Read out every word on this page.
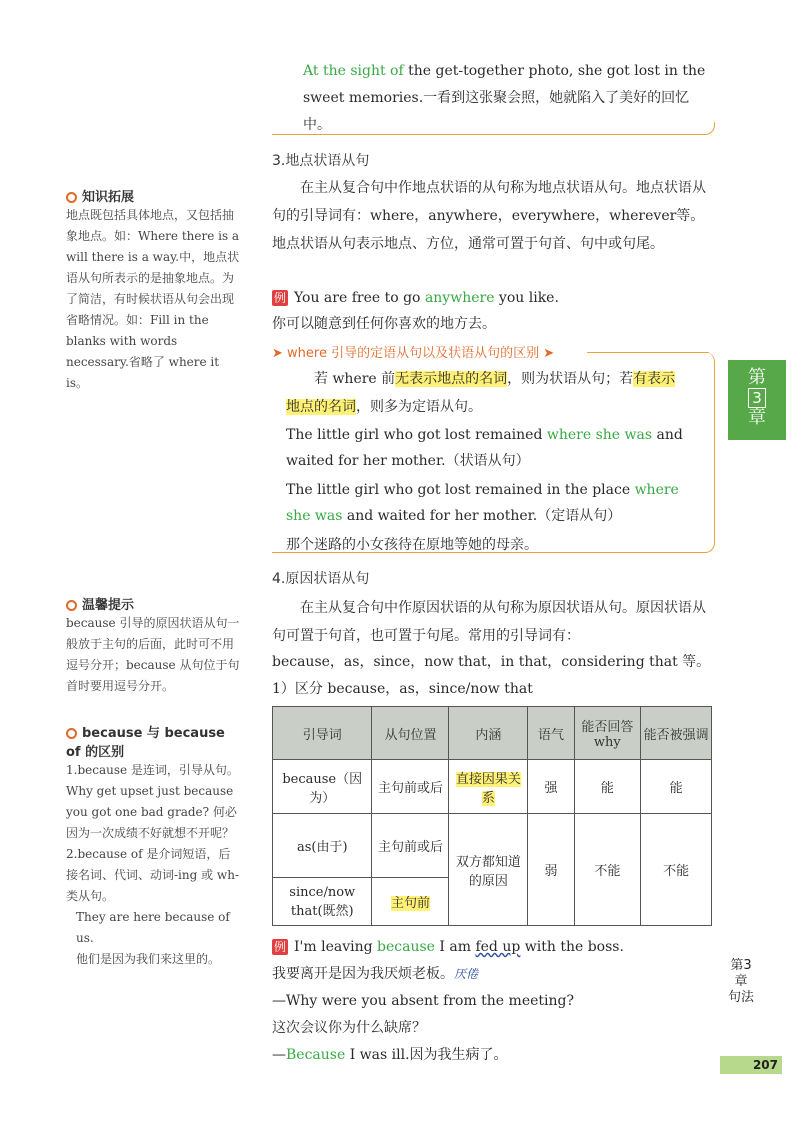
At the sight of the get-together photo, she got lost in the sweet memories.一看到这张聚会照，她就陷入了美好的回忆中。
3.地点状语从句
在主从复合句中作地点状语的从句称为地点状语从句。地点状语从句的引导词有：where，anywhere，everywhere，wherever等。地点状语从句表示地点、方位，通常可置于句首、句中或句尾。
例 You are free to go anywhere you like.
你可以随意到任何你喜欢的地方去。
➤ where 引导的定语从句以及状语从句的区别 ➤
若 where 前无表示地点的名词，则为状语从句；若有表示
地点的名词，则多为定语从句。
The little girl who got lost remained where she was and waited for her mother.（状语从句）
The little girl who got lost remained in the place where she was and waited for her mother.（定语从句）
那个迷路的小女孩待在原地等她的母亲。
4.原因状语从句
在主从复合句中作原因状语的从句称为原因状语从句。原因状语从句可置于句首，也可置于句尾。常用的引导词有：
because，as，since，now that，in that，considering that 等。
1）区分 because，as，since/now that
引导词	从句位置	内涵	语气	能否回答 why	能否被强调
because（因为）	主句前或后	直接因果关系	强	能	能
as(由于)	主句前或后	双方都知道的原因	弱	不能	不能
since/now that(既然)	主句前				
例 I'm leaving because I am fed up with the boss.
我要离开是因为我厌烦老板。厌倦
—Why were you absent from the meeting?
这次会议你为什么缺席？
—Because I was ill.因为我生病了。
知识拓展
地点既包括具体地点，又包括抽象地点。如：Where there is a will there is a way.中，地点状语从句所表示的是抽象地点。为了简洁，有时候状语从句会出现省略情况。如：Fill in the blanks with words necessary.省略了 where it is。
温馨提示
because 引导的原因状语从句一般放于主句的后面，此时可不用逗号分开；because 从句位于句首时要用逗号分开。
because 与 because of 的区别
1.because 是连词，引导从句。Why get upset just because you got one bad grade? 何必因为一次成绩不好就想不开呢？
2.because of 是介词短语，后接名词、代词、动词-ing 或 wh-类从句。
They are here because of us.
他们是因为我们来这里的。
第
3
章
第3章 句法
207
